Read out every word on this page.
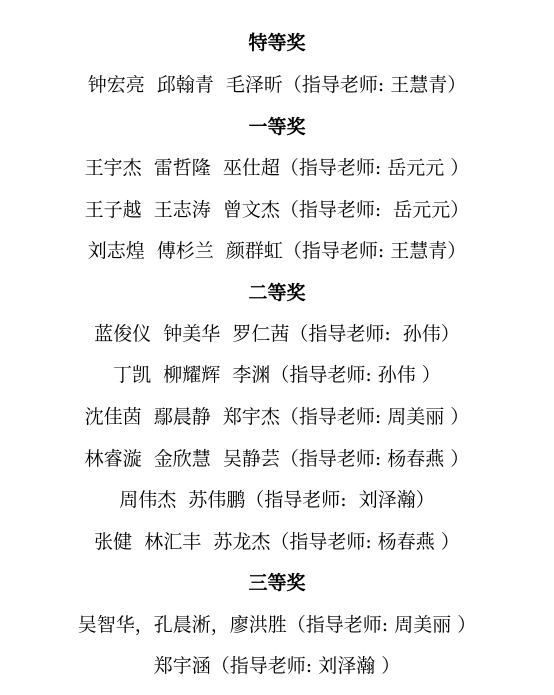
特等奖
钟宏亮  邱翰青  毛泽昕（指导老师: 王慧青）
一等奖
王宇杰  雷哲隆  巫仕超（指导老师: 岳元元 ）
王子越  王志涛  曾文杰（指导老师:  岳元元）
刘志煌  傅杉兰  颜群虹（指导老师: 王慧青）
二等奖
蓝俊仪  钟美华  罗仁茜（指导老师:  孙伟）
丁凯  柳耀辉  李渊（指导老师: 孙伟 ）
沈佳茵  鄢晨静  郑宇杰（指导老师: 周美丽 ）
林睿漩  金欣慧  吴静芸（指导老师: 杨春燕 ）
周伟杰  苏伟鹏（指导老师:  刘泽瀚）
张健  林汇丰  苏龙杰（指导老师: 杨春燕 ）
三等奖
吴智华，孔晨淅，廖洪胜（指导老师: 周美丽 ）
郑宇涵（指导老师: 刘泽瀚 ）
